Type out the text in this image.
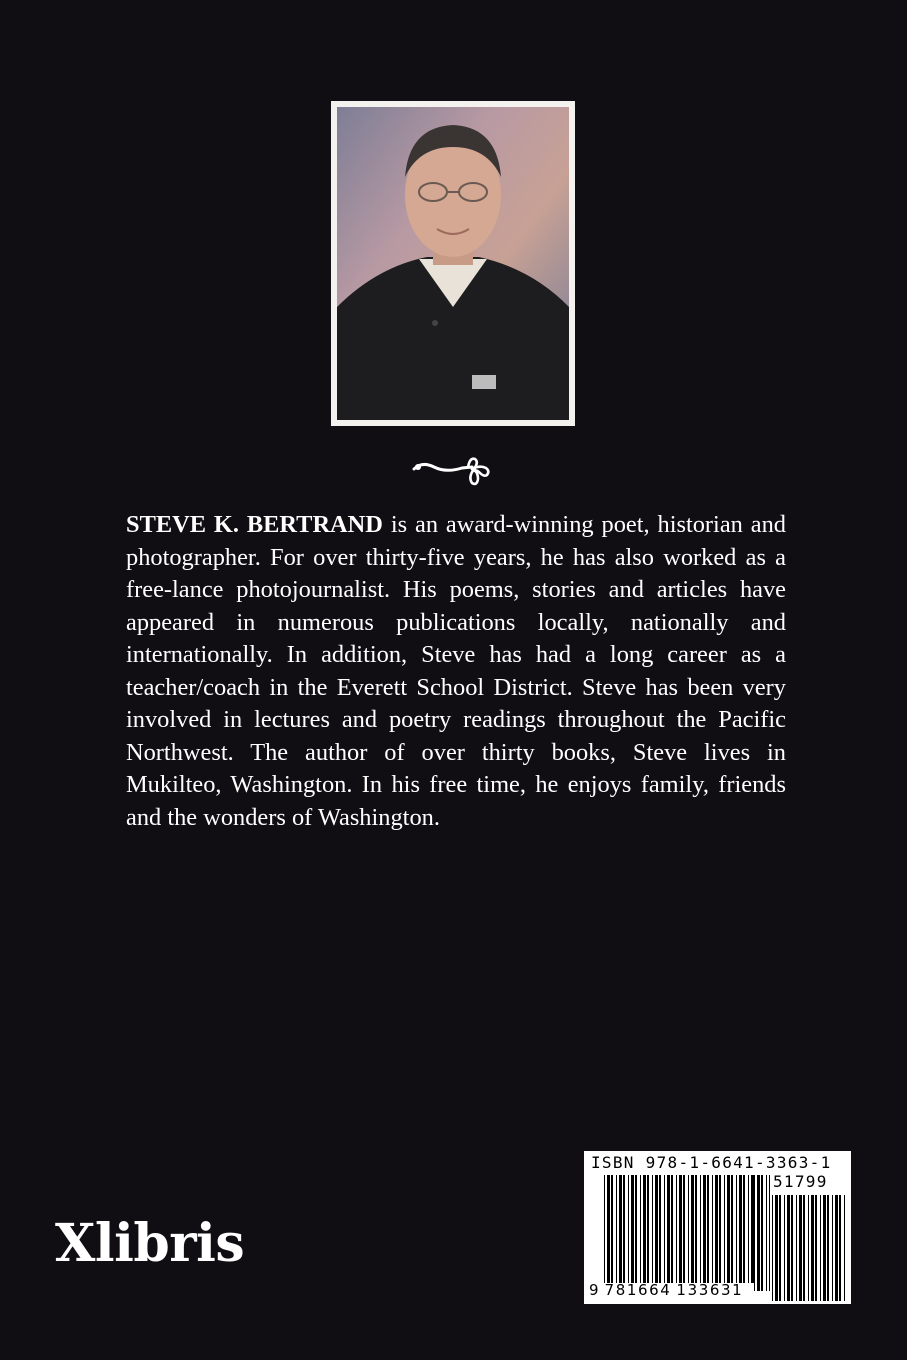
STEVE K. BERTRAND is an award-winning poet, historian and photographer. For over thirty-five years, he has also worked as a free-lance photojournalist. His poems, stories and articles have appeared in numerous publications locally, nationally and internationally. In addition, Steve has had a long career as a teacher/coach in the Everett School District. Steve has been very involved in lectures and poetry readings throughout the Pacific Northwest. The author of over thirty books, Steve lives in Mukilteo, Washington. In his free time, he enjoys family, friends and the wonders of Washington.

Xlibris
ISBN 978-1-6641-3363-1
51799
9 781664 133631
